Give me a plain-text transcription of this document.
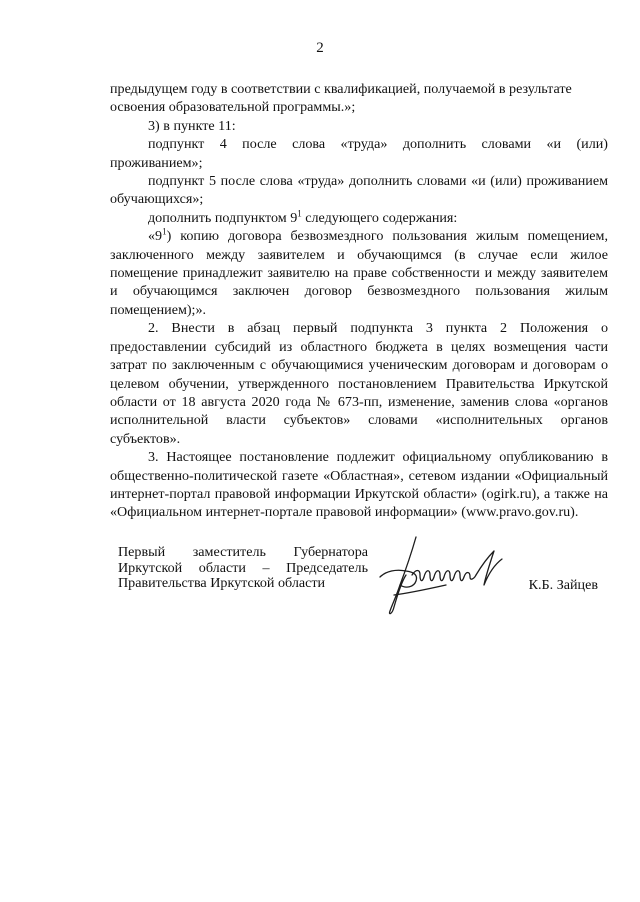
2

предыдущем году в соответствии с квалификацией, получаемой в результате освоения образовательной программы.»;

3) в пункте 11:

подпункт 4 после слова «труда» дополнить словами «и (или) проживанием»;

подпункт 5 после слова «труда» дополнить словами «и (или) проживанием обучающихся»;

дополнить подпунктом $9^1$ следующего содержания:

«$9^1$) копию договора безвозмездного пользования жилым помещением, заключенного между заявителем и обучающимся (в случае если жилое помещение принадлежит заявителю на праве собственности и между заявителем и обучающимся заключен договор безвозмездного пользования жилым помещением);».

2. Внести в абзац первый подпункта 3 пункта 2 Положения о предоставлении субсидий из областного бюджета в целях возмещения части затрат по заключенным с обучающимися ученическим договорам и договорам о целевом обучении, утвержденного постановлением Правительства Иркутской области от 18 августа 2020 года № 673-пп, изменение, заменив слова «органов исполнительной власти субъектов» словами «исполнительных органов субъектов».

3. Настоящее постановление подлежит официальному опубликованию в общественно-политической газете «Областная», сетевом издании «Официальный интернет-портал правовой информации Иркутской области» (ogirk.ru), а также на «Официальном интернет-портале правовой информации» (www.pravo.gov.ru).

Первый заместитель Губернатора
Иркутской области – Председатель
Правительства Иркутской области	К.Б. Зайцев
